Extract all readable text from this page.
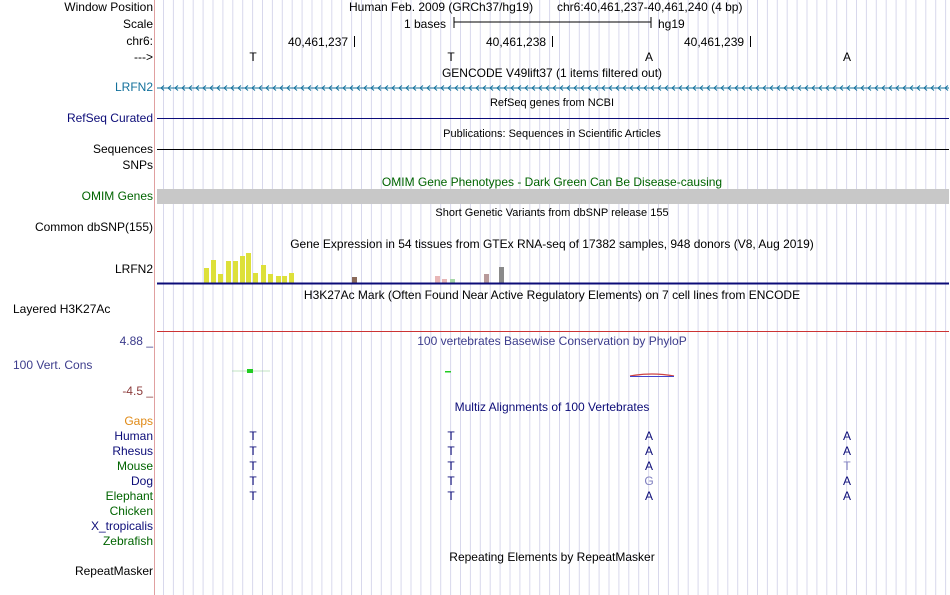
Window Position
Scale
chr6:
--->
Human Feb. 2009 (GRCh37/hg19) chr6:40,461,237-40,461,240 (4 bp)
1 bases	hg19
40,461,237	40,461,238	40,461,239
T	T	A	A
GENCODE V49lift37 (1 items filtered out)
LRFN2
RefSeq genes from NCBI
RefSeq Curated
Publications: Sequences in Scientific Articles
Sequences
SNPs
OMIM Gene Phenotypes - Dark Green Can Be Disease-causing
OMIM Genes
Short Genetic Variants from dbSNP release 155
Common dbSNP(155)
Gene Expression in 54 tissues from GTEx RNA-seq of 17382 samples, 948 donors (V8, Aug 2019)
LRFN2
H3K27Ac Mark (Often Found Near Active Regulatory Elements) on 7 cell lines from ENCODE
Layered H3K27Ac
100 vertebrates Basewise Conservation by PhyloP
4.88 _
100 Vert. Cons
-4.5 _
Multiz Alignments of 100 Vertebrates
Gaps
Human	T	T	A	A
Rhesus	T	T	A	A
Mouse	T	T	A	T
Dog	T	T	G	A
Elephant	T	T	A	A
Chicken
X_tropicalis
Zebrafish
Repeating Elements by RepeatMasker
RepeatMasker
